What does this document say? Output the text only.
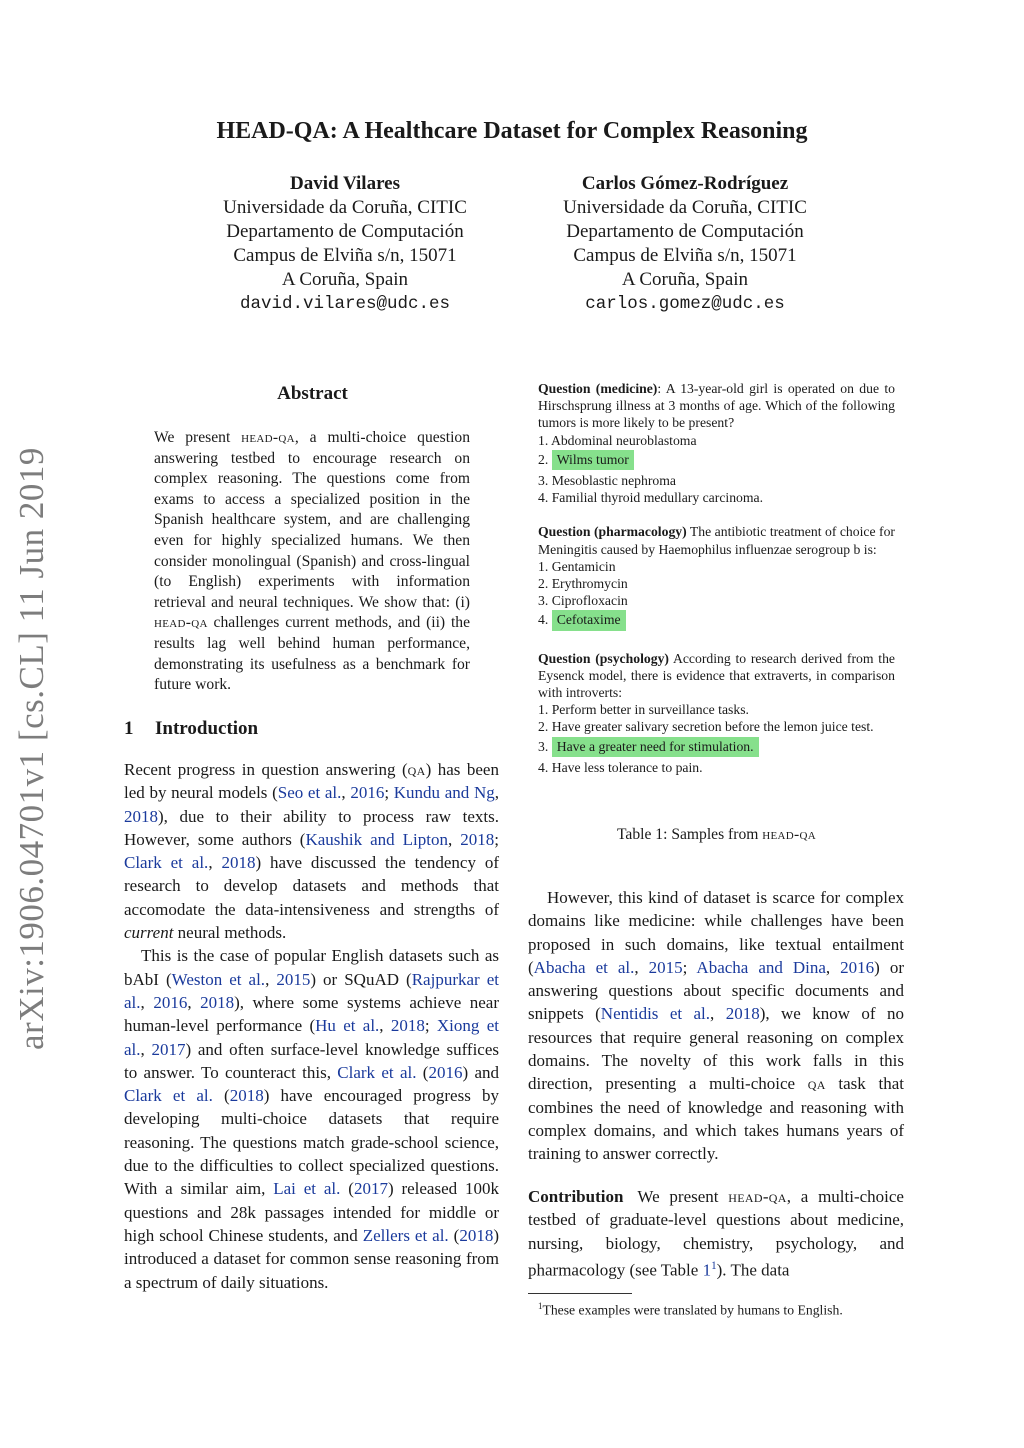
arXiv:1906.04701v1 [cs.CL] 11 Jun 2019
HEAD-QA: A Healthcare Dataset for Complex Reasoning
David Vilares
Universidade da Coruña, CITIC
Departamento de Computación
Campus de Elviña s/n, 15071
A Coruña, Spain
david.vilares@udc.es
Carlos Gómez-Rodríguez
Universidade da Coruña, CITIC
Departamento de Computación
Campus de Elviña s/n, 15071
A Coruña, Spain
carlos.gomez@udc.es
Abstract
We present head-qa, a multi-choice question answering testbed to encourage research on complex reasoning. The questions come from exams to access a specialized position in the Spanish healthcare system, and are challenging even for highly specialized humans. We then consider monolingual (Spanish) and cross-lingual (to English) experiments with information retrieval and neural techniques. We show that: (i) head-qa challenges current methods, and (ii) the results lag well behind human performance, demonstrating its usefulness as a benchmark for future work.
1 Introduction

Recent progress in question answering (qa) has been led by neural models (Seo et al., 2016; Kundu and Ng, 2018), due to their ability to process raw texts. However, some authors (Kaushik and Lipton, 2018; Clark et al., 2018) have discussed the tendency of research to develop datasets and methods that accomodate the data-intensiveness and strengths of current neural methods.

This is the case of popular English datasets such as bAbI (Weston et al., 2015) or SQuAD (Rajpurkar et al., 2016, 2018), where some systems achieve near human-level performance (Hu et al., 2018; Xiong et al., 2017) and often surface-level knowledge suffices to answer. To counteract this, Clark et al. (2016) and Clark et al. (2018) have encouraged progress by developing multi-choice datasets that require reasoning. The questions match grade-school science, due to the difficulties to collect specialized questions. With a similar aim, Lai et al. (2017) released 100k questions and 28k passages intended for middle or high school Chinese students, and Zellers et al. (2018) introduced a dataset for common sense reasoning from a spectrum of daily situations.

Question (medicine): A 13-year-old girl is operated on due to Hirschsprung illness at 3 months of age. Which of the following tumors is more likely to be present?
1. Abdominal neuroblastoma
2. Wilms tumor
3. Mesoblastic nephroma
4. Familial thyroid medullary carcinoma.
Question (pharmacology) The antibiotic treatment of choice for Meningitis caused by Haemophilus influenzae serogroup b is:
1. Gentamicin
2. Erythromycin
3. Ciprofloxacin
4. Cefotaxime
Question (psychology) According to research derived from the Eysenck model, there is evidence that extraverts, in comparison with introverts:
1. Perform better in surveillance tasks.
2. Have greater salivary secretion before the lemon juice test.
3. Have a greater need for stimulation.
4. Have less tolerance to pain.
Table 1: Samples from head-qa

However, this kind of dataset is scarce for complex domains like medicine: while challenges have been proposed in such domains, like textual entailment (Abacha et al., 2015; Abacha and Dina, 2016) or answering questions about specific documents and snippets (Nentidis et al., 2018), we know of no resources that require general reasoning on complex domains. The novelty of this work falls in this direction, presenting a multi-choice qa task that combines the need of knowledge and reasoning with complex domains, and which takes humans years of training to answer correctly.

Contribution We present head-qa, a multi-choice testbed of graduate-level questions about medicine, nursing, biology, chemistry, psychology, and pharmacology (see Table 1$^1$). The data
$^1$These examples were translated by humans to English.
